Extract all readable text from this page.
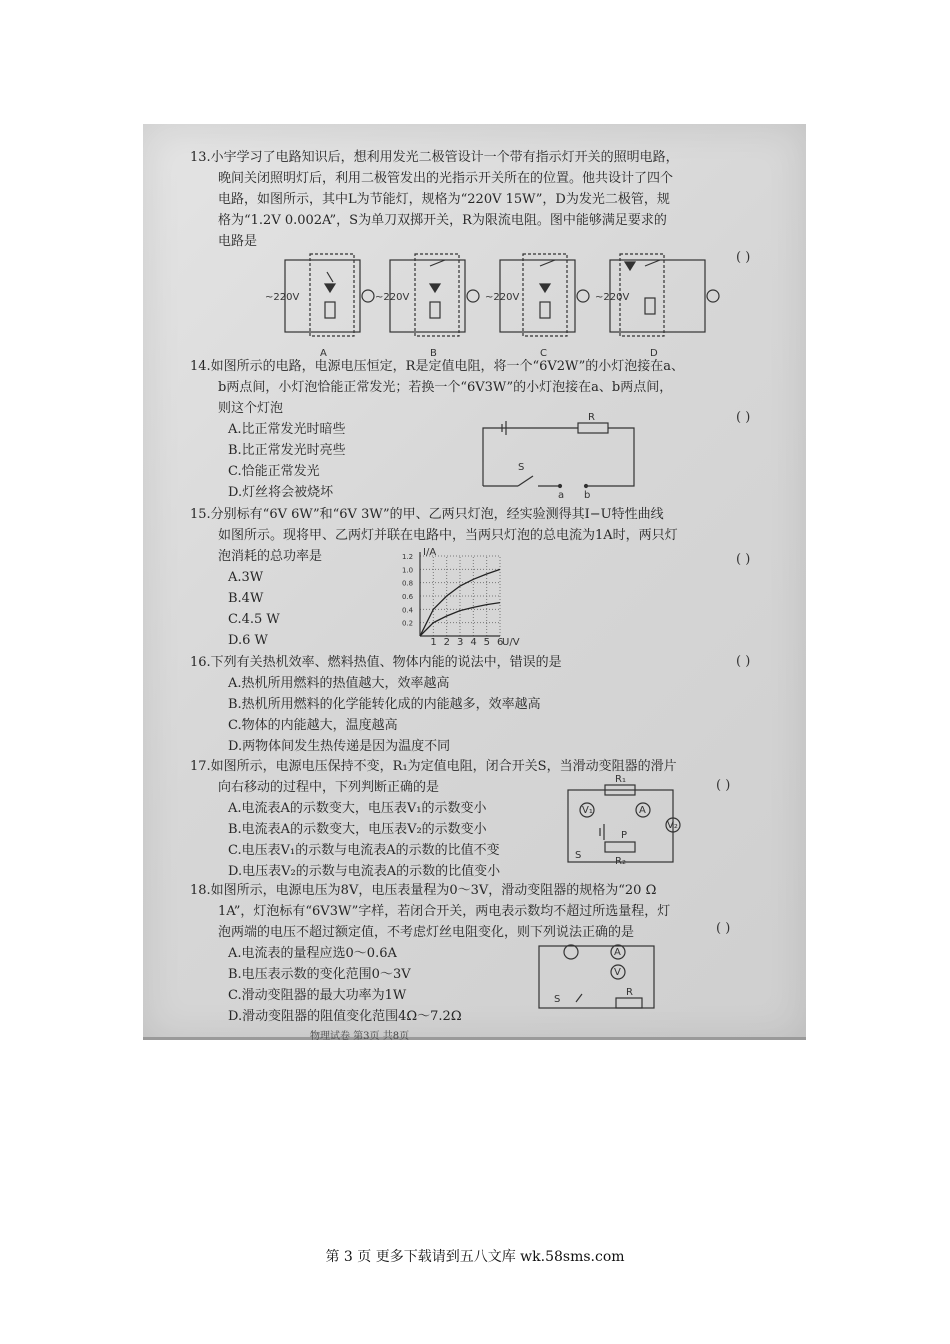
13.小宇学习了电路知识后，想利用发光二极管设计一个带有指示灯开关的照明电路，
晚间关闭照明灯后，利用二极管发出的光指示开关所在的位置。他共设计了四个
电路，如图所示，其中L为节能灯，规格为“220V 15W”，D为发光二极管，规
格为“1.2V 0.002A”，S为单刀双掷开关，R为限流电阻。图中能够满足要求的
电路是
( )
~220V	~220V	~220V	~220V
A	B	C	D
14.如图所示的电路，电源电压恒定，R是定值电阻，将一个“6V2W”的小灯泡接在a、
b两点间，小灯泡恰能正常发光；若换一个“6V3W”的小灯泡接在a、b两点间，
则这个灯泡
A.比正常发光时暗些
B.比正常发光时亮些
C.恰能正常发光
D.灯丝将会被烧坏
( )
R
S
a b
15.分别标有“6V 6W”和“6V 3W”的甲、乙两只灯泡，经实验测得其I−U特性曲线
如图所示。现将甲、乙两灯并联在电路中，当两只灯泡的总电流为1A时，两只灯
泡消耗的总功率是
A.3W
B.4W
C.4.5 W
D.6 W
( )
1 2 3 4 5 6
0.2
0.4
0.6
0.8
1.0
1.2
U/V
I/A
16.下列有关热机效率、燃料热值、物体内能的说法中，错误的是
A.热机所用燃料的热值越大，效率越高
B.热机所用燃料的化学能转化成的内能越多，效率越高
C.物体的内能越大，温度越高
D.两物体间发生热传递是因为温度不同
( )
17.如图所示，电源电压保持不变，R₁为定值电阻，闭合开关S，当滑动变阻器的滑片
向右移动的过程中，下列判断正确的是
A.电流表A的示数变大，电压表V₁的示数变小
B.电流表A的示数变大，电压表V₂的示数变小
C.电压表V₁的示数与电流表A的示数的比值不变
D.电压表V₂的示数与电流表A的示数的比值变小
( )
R₁
V₁	A
V₂
P
R₂
S
18.如图所示，电源电压为8V，电压表量程为0～3V，滑动变阻器的规格为“20 Ω
1A”，灯泡标有“6V3W”字样，若闭合开关，两电表示数均不超过所选量程，灯
泡两端的电压不超过额定值，不考虑灯丝电阻变化，则下列说法正确的是
A.电流表的量程应选0～0.6A
B.电压表示数的变化范围0～3V
C.滑动变阻器的最大功率为1W
D.滑动变阻器的阻值变化范围4Ω～7.2Ω
( )
A
V
S
R
物理试卷 第3页 共8页
第 3 页 更多下载请到五八文库 wk.58sms.com
